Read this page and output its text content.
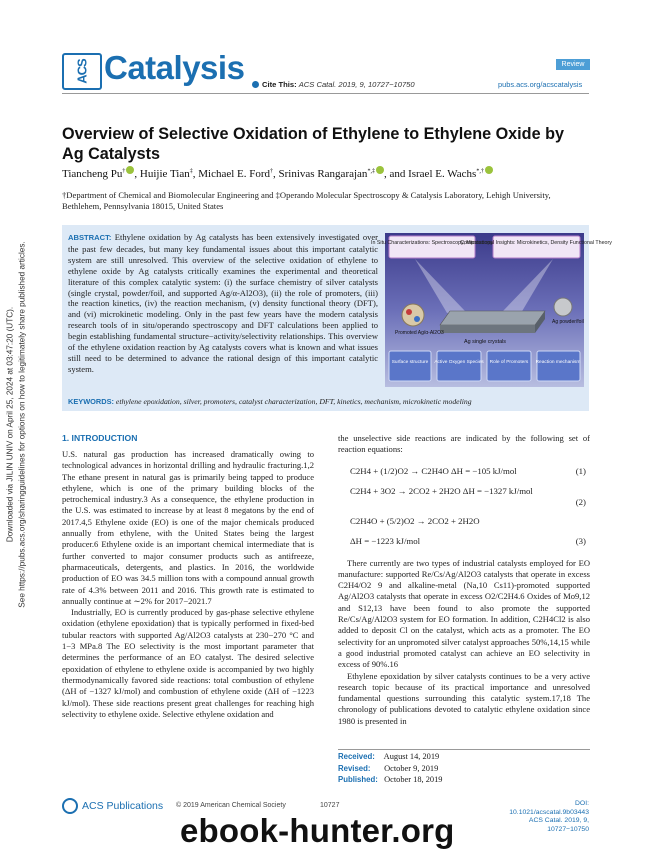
Downloaded via JILIN UNIV on April 25, 2024 at 03:47:20 (UTC). See https://pubs.acs.org/sharingguidelines for options on how to legitimately share published articles.
ACS Catalysis	Cite This: ACS Catal. 2019, 9, 10727−10750
Review
pubs.acs.org/acscatalysis
Overview of Selective Oxidation of Ethylene to Ethylene Oxide by Ag Catalysts
Tiancheng Pu† , Huijie Tian‡, Michael E. Ford†, Srinivas Rangarajan*,‡ , and Israel E. Wachs*,†
†Department of Chemical and Biomolecular Engineering and ‡Operando Molecular Spectroscopy & Catalysis Laboratory, Lehigh University, Bethlehem, Pennsylvania 18015, United States
ABSTRACT: Ethylene oxidation by Ag catalysts has been extensively investigated over the past few decades, but many key fundamental issues about this important catalytic system are still unresolved. This overview of the selective oxidation of ethylene to ethylene oxide by Ag catalysts critically examines the experimental and theoretical literature of this complex catalytic system: (i) the surface chemistry of silver catalysts (single crystal, powder/foil, and supported Ag/α-Al2O3), (ii) the role of promoters, (iii) the reaction kinetics, (iv) the reaction mechanism, (v) density functional theory (DFT), and (vi) microkinetic modeling. Only in the past few years have the modern catalysis research tools of in situ/operando spectroscopy and DFT calculations been applied to begin establishing fundamental structure−activity/selectivity relationships. This overview of the ethylene oxidation reaction by Ag catalysts covers what is known and what issues still need to be determined to advance the rational design of this important catalytic system.
In Situ Characterizations: Spectroscopy, Microscopy
Computational Insights: Microkinetics, Density Functional Theory
Promoted Ag/α-Al2O3
Ag powder/foil
Ag single crystals
Surface structure Active Oxygen Species Role of Promoters Reaction mechanism
KEYWORDS: ethylene epoxidation, silver, promoters, catalyst characterization, DFT, kinetics, mechanism, microkinetic modeling
1. INTRODUCTION

U.S. natural gas production has increased dramatically owing to technological advances in horizontal drilling and hydraulic fracturing.1,2 The ethane present in natural gas is primarily being tapped to produce ethylene, which is one of the primary building blocks of the petrochemical industry.3 As a consequence, the ethylene production in the U.S. was estimated to increase by at least 8 megatons by the end of 2017.4,5 Ethylene oxide (EO) is one of the major chemicals produced annually from ethylene, with the United States being the largest producer.6 Ethylene oxide is an important chemical intermediate that is further converted to major consumer products such as antifreeze, pharmaceuticals, detergents, and plastics. In 2016, the worldwide production of EO was 34.5 million tons with a compound annual growth rate of 4.3% between 2011 and 2016. This growth rate is estimated to annually continue at ∼2% for 2017−2021.7

Industrially, EO is currently produced by gas-phase selective ethylene oxidation (ethylene epoxidation) that is typically performed in fixed-bed tubular reactors with supported Ag/Al2O3 catalysts at 230−270 °C and 1−3 MPa.8 The EO selectivity is the most important parameter that determines the performance of an EO catalyst. The desired selective epoxidation of ethylene to ethylene oxide is accompanied by two highly thermodynamically favored side reactions: total combustion of ethylene (ΔH of −1327 kJ/mol) and combustion of ethylene oxide (ΔH of −1223 kJ/mol). These side reactions present great challenges for reaching high selectivity to ethylene oxide. Selective ethylene oxidation and

the unselective side reactions are indicated by the following set of reaction equations:

C2H4 + (1/2)O2 → C2H4O ΔH = −105 kJ/mol	(1)
C2H4 + 3O2 → 2CO2 + 2H2O ΔH = −1327 kJ/mol
(2)
C2H4O + (5/2)O2 → 2CO2 + 2H2O
ΔH = −1223 kJ/mol	(3)

There currently are two types of industrial catalysts employed for EO manufacture: supported Re/Cs/Ag/Al2O3 catalysts that operate in excess C2H4/O2 9 and alkaline-metal (Na,10 Cs11)-promoted supported Ag/Al2O3 catalysts that operate in excess O2/C2H4.6 Oxides of Mo9,12 and S12,13 have been found to also promote the supported Re/Cs/Ag/Al2O3 system for EO formation. In addition, C2H4Cl2 is also added to deposit Cl on the catalyst, which acts as a promoter. The EO selectivity for an unpromoted silver catalyst approaches 50%,14,15 while a good industrial promoted catalyst can achieve an EO selectivity in excess of 90%.16

Ethylene epoxidation by silver catalysts continues to be a very active research topic because of its practical importance and unresolved fundamental questions surrounding this catalytic system.17,18 The chronology of publications devoted to catalytic ethylene oxidation since 1980 is presented in

Received: August 14, 2019
Revised: October 9, 2019
Published: October 18, 2019
ACS Publications © 2019 American Chemical Society	10727	DOI: 10.1021/acscatal.9b03443
ACS Catal. 2019, 9, 10727−10750
ebook-hunter.org
